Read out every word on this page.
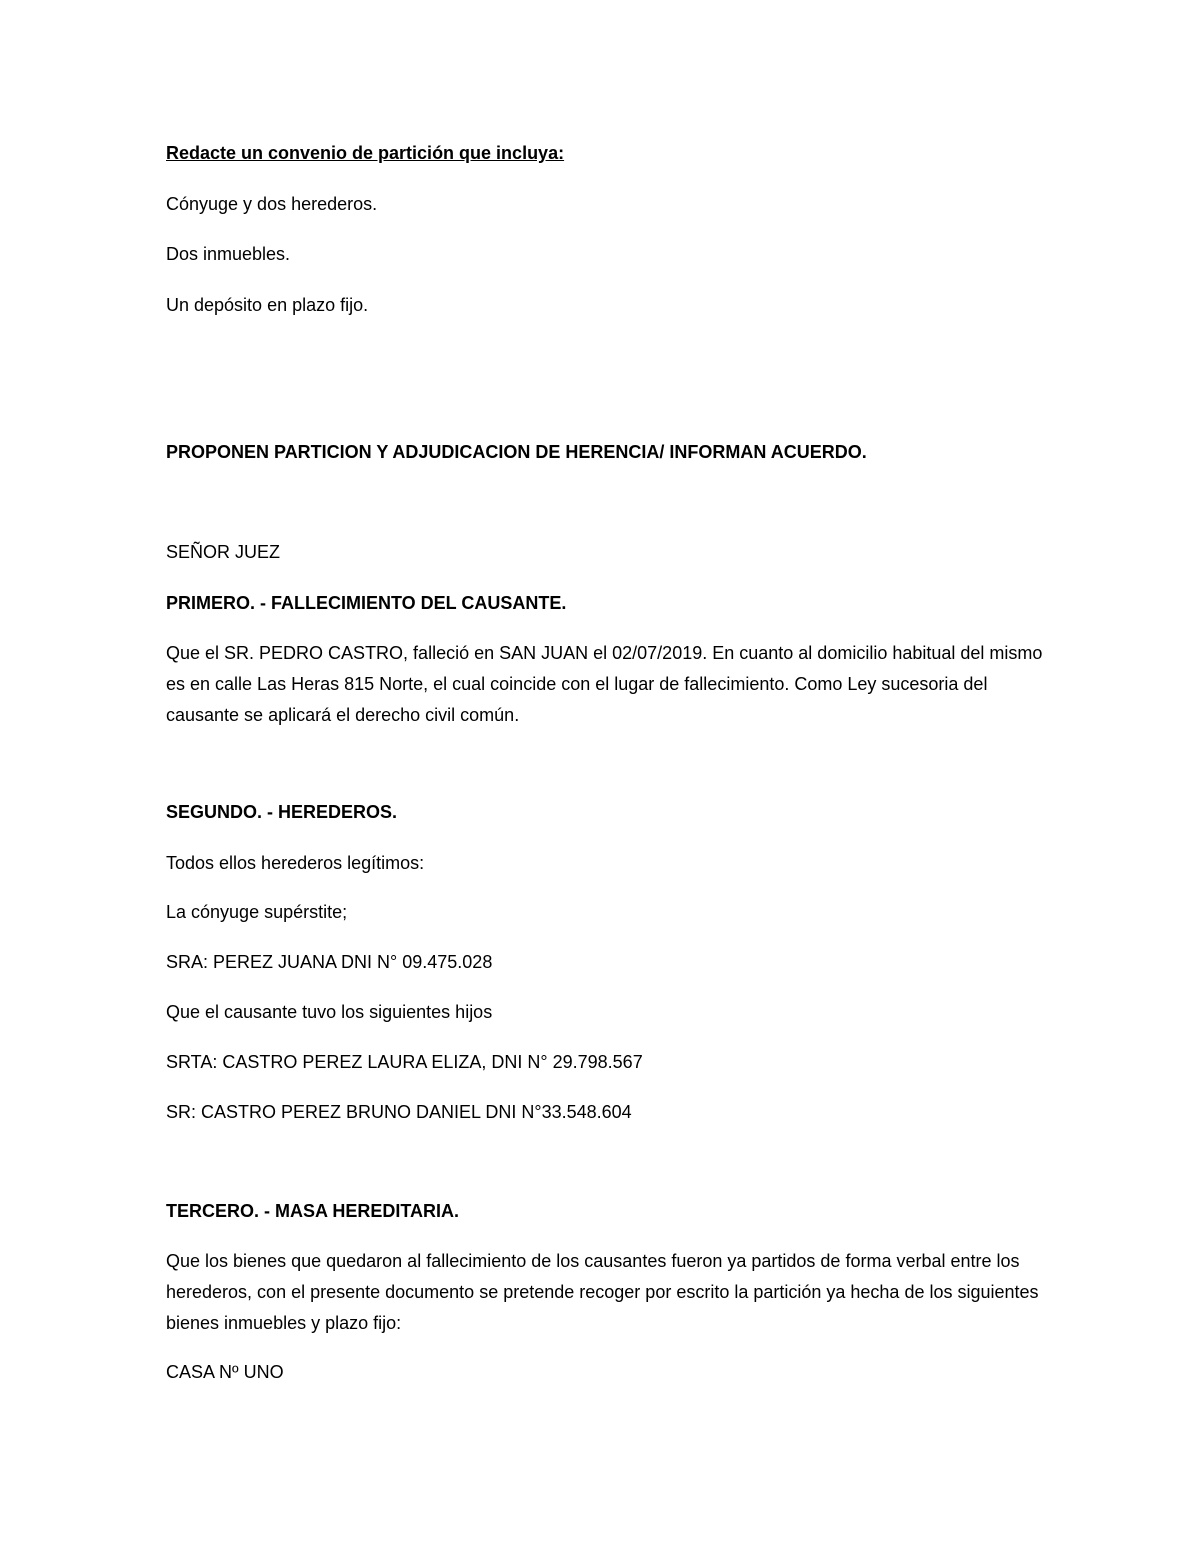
Redacte un convenio de partición que incluya:

Cónyuge y dos herederos.

Dos inmuebles.

Un depósito en plazo fijo.

PROPONEN PARTICION Y ADJUDICACION DE HERENCIA/ INFORMAN ACUERDO.

SEÑOR JUEZ

PRIMERO. - FALLECIMIENTO DEL CAUSANTE.

Que el SR. PEDRO CASTRO, falleció en SAN JUAN el 02/07/2019. En cuanto al domicilio habitual del mismo es en calle Las Heras 815 Norte, el cual coincide con el lugar de fallecimiento. Como Ley sucesoria del causante se aplicará el derecho civil común.

SEGUNDO. - HEREDEROS.

Todos ellos herederos legítimos:

La cónyuge supérstite;

SRA: PEREZ JUANA DNI N° 09.475.028

Que el causante tuvo los siguientes hijos

SRTA: CASTRO PEREZ LAURA ELIZA, DNI N° 29.798.567

SR: CASTRO PEREZ BRUNO DANIEL DNI N°33.548.604

TERCERO. - MASA HEREDITARIA.

Que los bienes que quedaron al fallecimiento de los causantes fueron ya partidos de forma verbal entre los herederos, con el presente documento se pretende recoger por escrito la partición ya hecha de los siguientes bienes inmuebles y plazo fijo:

CASA Nº UNO
